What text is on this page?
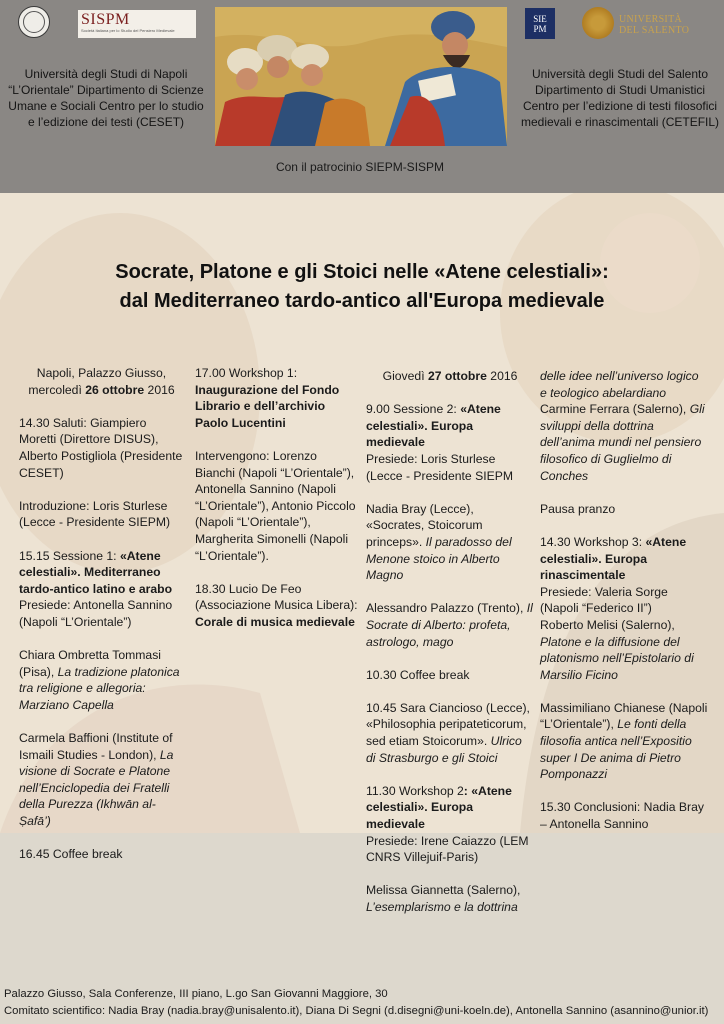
SISPM
Società Italiana per lo Studio del Pensiero Medievale
SIE
PM
UNIVERSITÀ
DEL SALENTO
Università degli Studi di Napoli “L’Orientale” Dipartimento di Scienze Umane e Sociali Centro per lo studio e l’edizione dei testi (CESET)
Università degli Studi del Salento Dipartimento di Studi Umanistici Centro per l’edizione di testi filosofici medievali e rinascimentali (CETEFIL)
Con il patrocinio SIEPM-SISPM
Socrate, Platone e gli Stoici nelle «Atene celestiali»:
dal Mediterraneo tardo-antico all'Europa medievale

Napoli, Palazzo Giusso,
mercoledì 26 ottobre 2016

14.30 Saluti: Giampiero Moretti (Direttore DISUS), Alberto Postigliola (Presidente CESET)

Introduzione: Loris Sturlese (Lecce - Presidente SIEPM)

15.15 Sessione 1: «Atene celestiali». Mediterraneo tardo-antico latino e arabo
Presiede: Antonella Sannino (Napoli “L’Orientale”)

Chiara Ombretta Tommasi (Pisa), La tradizione platonica tra religione e allegoria: Marziano Capella

Carmela Baffioni (Institute of Ismaili Studies - London), La visione di Socrate e Platone nell’Enciclopedia dei Fratelli della Purezza (Ikhwān al-Ṣafā’)

16.45 Coffee break

17.00 Workshop 1: Inaugurazione del Fondo Librario e dell’archivio Paolo Lucentini

Intervengono: Lorenzo Bianchi (Napoli “L’Orientale”), Antonella Sannino (Napoli “L’Orientale”), Antonio Piccolo (Napoli “L’Orientale”), Margherita Simonelli (Napoli “L’Orientale”).

18.30 Lucio De Feo (Associazione Musica Libera): Corale di musica medievale

Giovedì 27 ottobre 2016

9.00 Sessione 2: «Atene celestiali». Europa medievale
Presiede: Loris Sturlese (Lecce - Presidente SIEPM

Nadia Bray (Lecce), «Socrates, Stoicorum princeps». Il paradosso del Menone stoico in Alberto Magno

Alessandro Palazzo (Trento), Il Socrate di Alberto: profeta, astrologo, mago

10.30 Coffee break

10.45 Sara Ciancioso (Lecce), «Philosophia peripateticorum, sed etiam Stoicorum». Ulrico di Strasburgo e gli Stoici

11.30 Workshop 2: «Atene celestiali». Europa medievale
Presiede: Irene Caiazzo (LEM CNRS Villejuif-Paris)

Melissa Giannetta (Salerno), L’esemplarismo e la dottrina

delle idee nell’universo logico e teologico abelardiano

Carmine Ferrara (Salerno), Gli sviluppi della dottrina dell’anima mundi nel pensiero filosofico di Guglielmo di Conches

Pausa pranzo

14.30 Workshop 3: «Atene celestiali». Europa rinascimentale
Presiede: Valeria Sorge (Napoli “Federico II”)
Roberto Melisi (Salerno), Platone e la diffusione del platonismo nell’Epistolario di Marsilio Ficino

Massimiliano Chianese (Napoli “L’Orientale”), Le fonti della filosofia antica nell’Expositio super I De anima di Pietro Pomponazzi

15.30 Conclusioni: Nadia Bray – Antonella Sannino

Palazzo Giusso, Sala Conferenze, III piano, L.go San Giovanni Maggiore, 30
Comitato scientifico: Nadia Bray (nadia.bray@unisalento.it), Diana Di Segni (d.disegni@uni-koeln.de), Antonella Sannino (asannino@unior.it)
